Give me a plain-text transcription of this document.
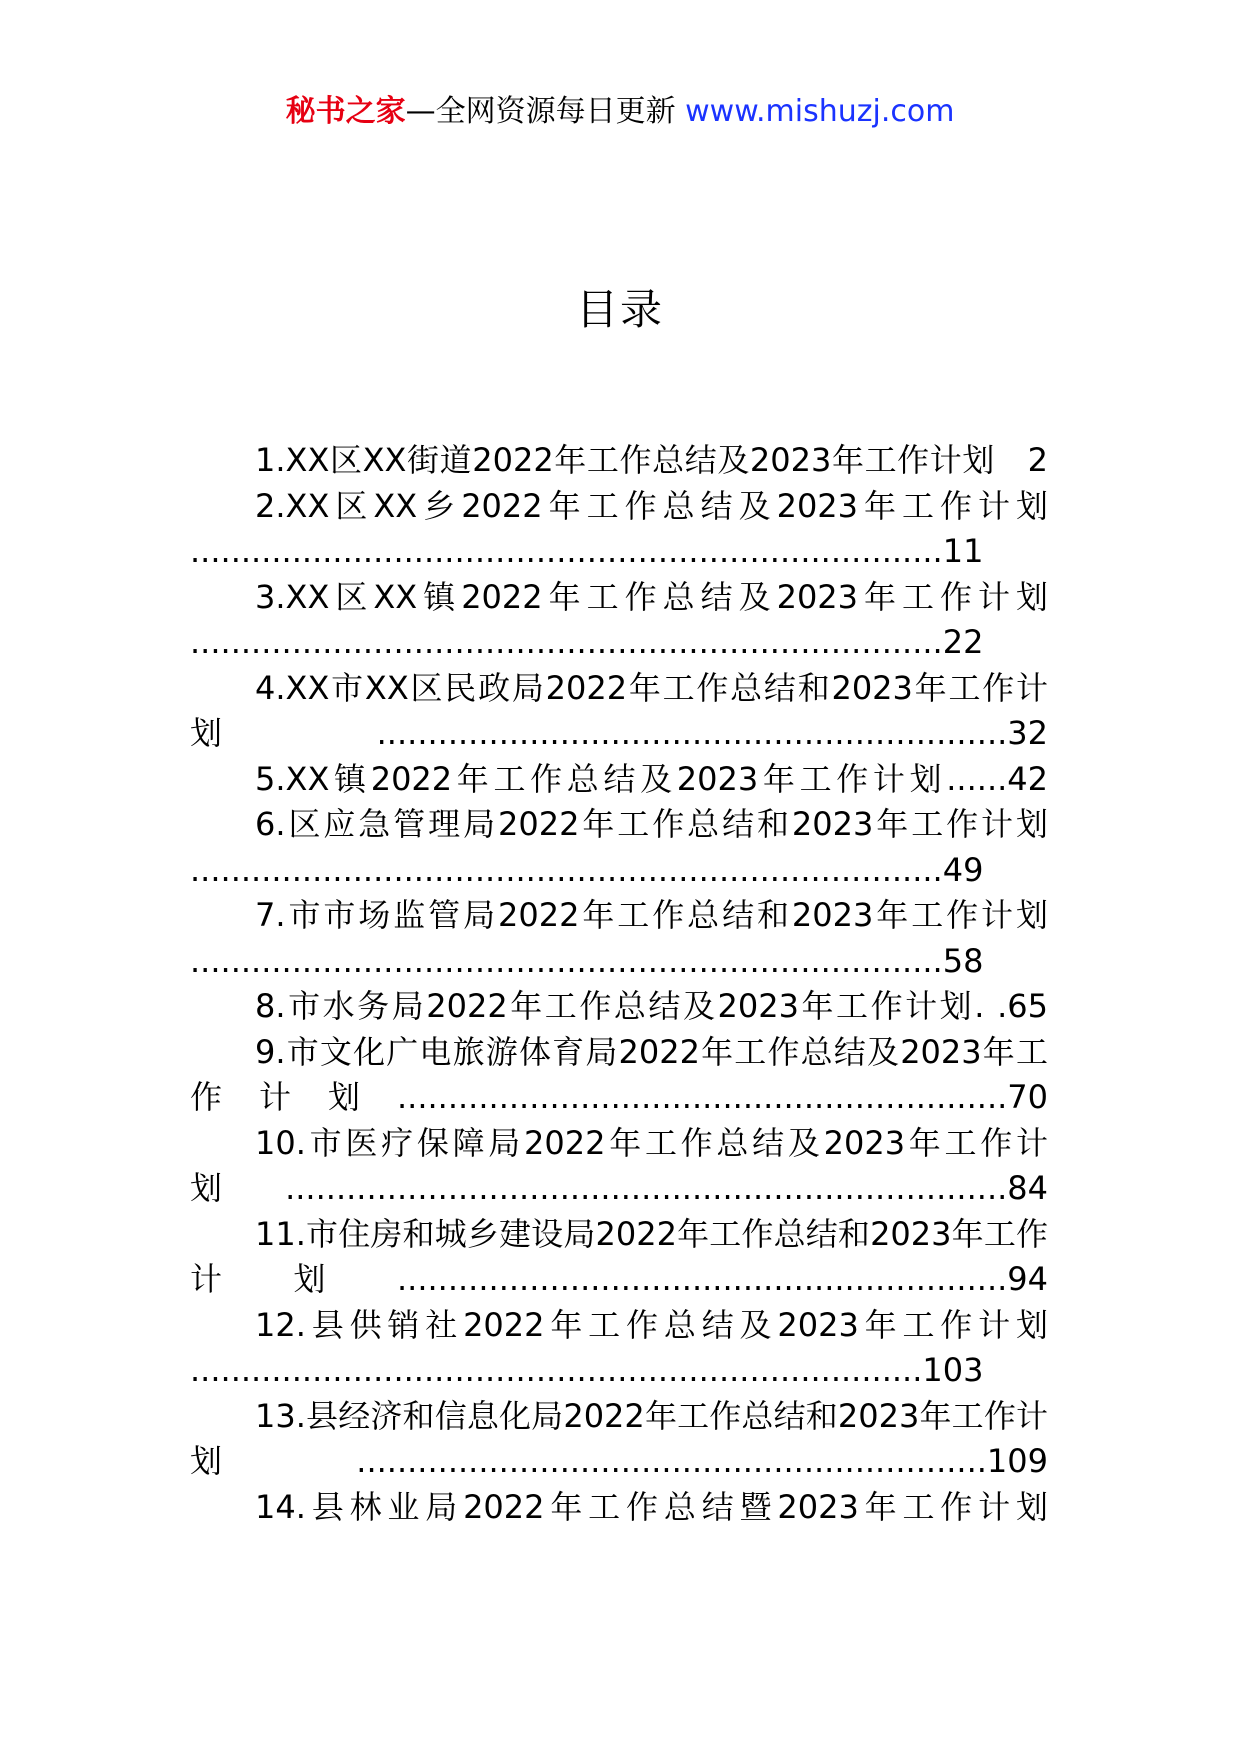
秘书之家—全网资源每日更新 www.mishuzj.com
目录
1.XX区XX街道2022年工作总结及2023年工作计划　 2
2.XX区XX乡2022年工作总结及2023年工作计划 ..........................................................................11
3.XX区XX镇2022年工作总结及2023年工作计划 ..........................................................................22
4.XX市XX区民政局2022年工作总结和2023年工作计划..............................................................32
5.XX镇2022年工作总结及2023年工作计划......42
6.区应急管理局2022年工作总结和2023年工作计划 ..........................................................................49
7.市市场监管局2022年工作总结和2023年工作计划 ..........................................................................58
8.市水务局2022年工作总结及2023年工作计划. .65
9.市文化广电旅游体育局2022年工作总结及2023年工作计划............................................................70
10.市医疗保障局2022年工作总结及2023年工作计划.......................................................................84
11.市住房和城乡建设局2022年工作总结和2023年工作计划............................................................94
12.县供销社2022年工作总结及2023年工作计划 ........................................................................103
13.县经济和信息化局2022年工作总结和2023年工作计划..............................................................109
14.县林业局2022年工作总结暨2023年工作计划
